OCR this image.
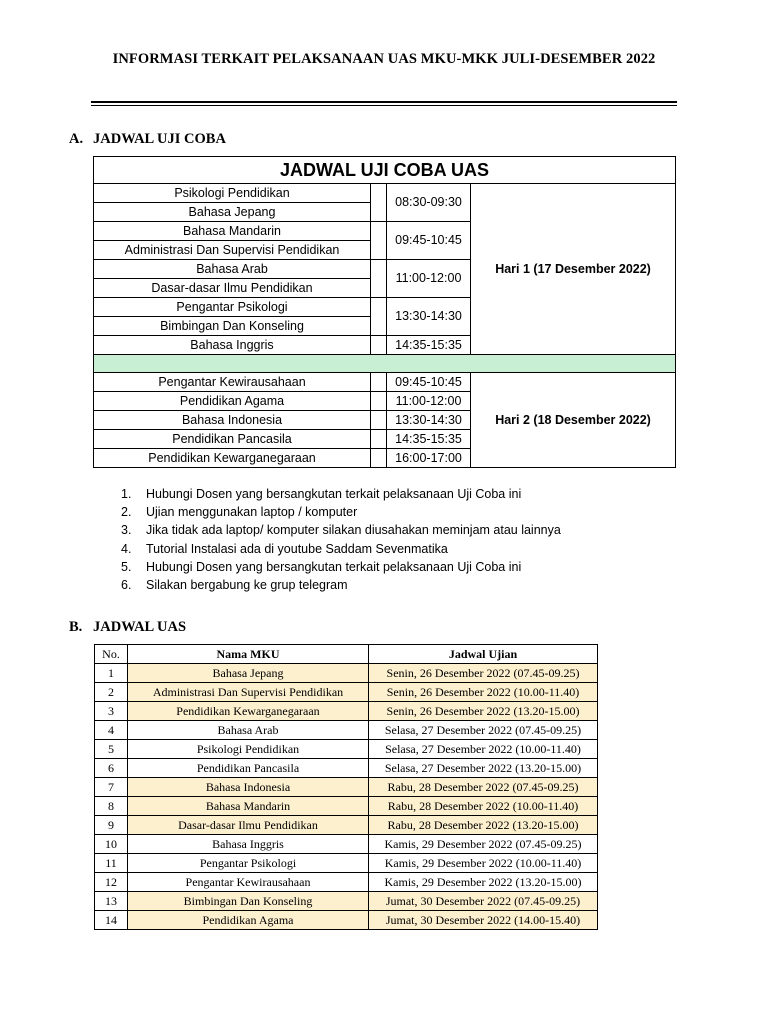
INFORMASI TERKAIT PELAKSANAAN UAS MKU-MKK JULI-DESEMBER 2022
A. JADWAL UJI COBA
JADWAL UJI COBA UAS			
Psikologi Pendidikan		08:30-09:30	Hari 1 (17 Desember 2022)
Bahasa Jepang			
Bahasa Mandarin		09:45-10:45	
Administrasi Dan Supervisi Pendidikan			
Bahasa Arab		11:00-12:00	
Dasar-dasar Ilmu Pendidikan			
Pengantar Psikologi		13:30-14:30	
Bimbingan Dan Konseling			
Bahasa Inggris		14:35-15:35	

Pengantar Kewirausahaan		09:45-10:45	Hari 2 (18 Desember 2022)
Pendidikan Agama		11:00-12:00	
Bahasa Indonesia		13:30-14:30	
Pendidikan Pancasila		14:35-15:35	
Pendidikan Kewarganegaraan		16:00-17:00	
1. Hubungi Dosen yang bersangkutan terkait pelaksanaan Uji Coba ini
2. Ujian menggunakan laptop / komputer
3. Jika tidak ada laptop/ komputer silakan diusahakan meminjam atau lainnya
4. Tutorial Instalasi ada di youtube Saddam Sevenmatika
5. Hubungi Dosen yang bersangkutan terkait pelaksanaan Uji Coba ini
6. Silakan bergabung ke grup telegram
B. JADWAL UAS
No.	Nama MKU	Jadwal Ujian
1	Bahasa Jepang	Senin, 26 Desember 2022 (07.45-09.25)
2	Administrasi Dan Supervisi Pendidikan	Senin, 26 Desember 2022 (10.00-11.40)
3	Pendidikan Kewarganegaraan	Senin, 26 Desember 2022 (13.20-15.00)
4	Bahasa Arab	Selasa, 27 Desember 2022 (07.45-09.25)
5	Psikologi Pendidikan	Selasa, 27 Desember 2022 (10.00-11.40)
6	Pendidikan Pancasila	Selasa, 27 Desember 2022 (13.20-15.00)
7	Bahasa Indonesia	Rabu, 28 Desember 2022 (07.45-09.25)
8	Bahasa Mandarin	Rabu, 28 Desember 2022 (10.00-11.40)
9	Dasar-dasar Ilmu Pendidikan	Rabu, 28 Desember 2022 (13.20-15.00)
10	Bahasa Inggris	Kamis, 29 Desember 2022 (07.45-09.25)
11	Pengantar Psikologi	Kamis, 29 Desember 2022 (10.00-11.40)
12	Pengantar Kewirausahaan	Kamis, 29 Desember 2022 (13.20-15.00)
13	Bimbingan Dan Konseling	Jumat, 30 Desember 2022 (07.45-09.25)
14	Pendidikan Agama	Jumat, 30 Desember 2022 (14.00-15.40)
